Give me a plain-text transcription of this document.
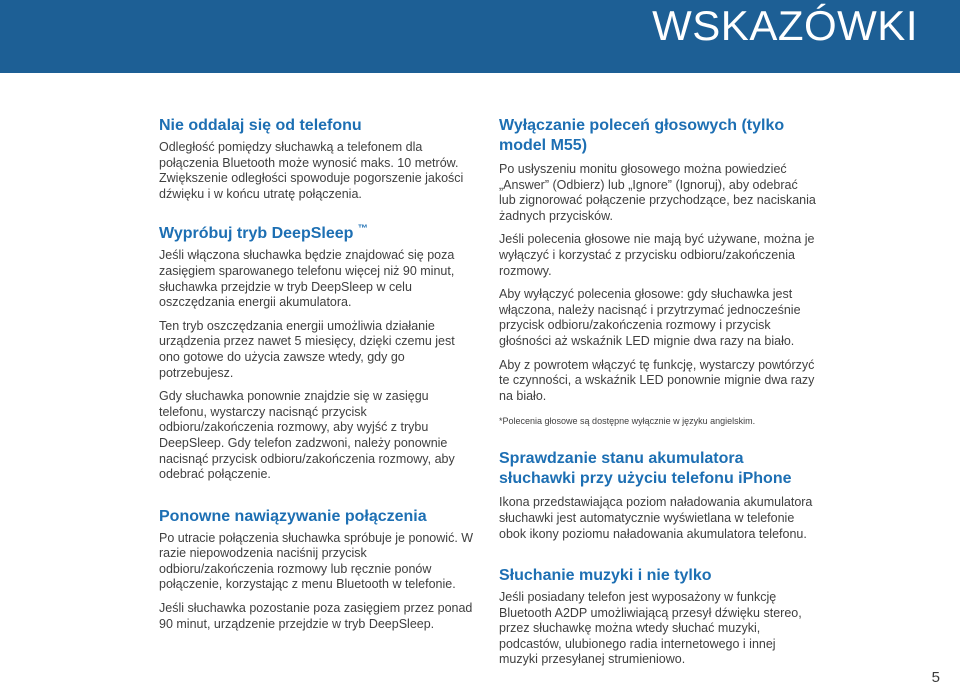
WSKAZÓWKI
Nie oddalaj się od telefonu

Odległość pomiędzy słuchawką a telefonem dla połączenia Bluetooth może wynosić maks. 10 metrów. Zwiększenie odległości spowoduje pogorszenie jakości dźwięku i w końcu utratę połączenia.

Wypróbuj tryb DeepSleep ™

Jeśli włączona słuchawka będzie znajdować się poza zasięgiem sparowanego telefonu więcej niż 90 minut, słuchawka przejdzie w tryb DeepSleep w celu oszczędzania energii akumulatora.

Ten tryb oszczędzania energii umożliwia działanie urządzenia przez nawet 5 miesięcy, dzięki czemu jest ono gotowe do użycia zawsze wtedy, gdy go potrzebujesz.

Gdy słuchawka ponownie znajdzie się w zasięgu telefonu, wystarczy nacisnąć przycisk odbioru/zakończenia rozmowy, aby wyjść z trybu DeepSleep. Gdy telefon zadzwoni, należy ponownie nacisnąć przycisk odbioru/zakończenia rozmowy, aby odebrać połączenie.

Ponowne nawiązywanie połączenia

Po utracie połączenia słuchawka spróbuje je ponowić. W razie niepowodzenia naciśnij przycisk odbioru/zakończenia rozmowy lub ręcznie ponów połączenie, korzystając z menu Bluetooth w telefonie.

Jeśli słuchawka pozostanie poza zasięgiem przez ponad 90 minut, urządzenie przejdzie w tryb DeepSleep.

Wyłączanie poleceń głosowych (tylko model M55)

Po usłyszeniu monitu głosowego można powiedzieć „Answer” (Odbierz) lub „Ignore” (Ignoruj), aby odebrać lub zignorować połączenie przychodzące, bez naciskania żadnych przycisków.

Jeśli polecenia głosowe nie mają być używane, można je wyłączyć i korzystać z przycisku odbioru/zakończenia rozmowy.

Aby wyłączyć polecenia głosowe: gdy słuchawka jest włączona, należy nacisnąć i przytrzymać jednocześnie przycisk odbioru/zakończenia rozmowy i przycisk głośności aż wskaźnik LED mignie dwa razy na biało.

Aby z powrotem włączyć tę funkcję, wystarczy powtórzyć te czynności, a wskaźnik LED ponownie mignie dwa razy na biało.

*Polecenia głosowe są dostępne wyłącznie w języku angielskim.

Sprawdzanie stanu akumulatora słuchawki przy użyciu telefonu iPhone

Ikona przedstawiająca poziom naładowania akumulatora słuchawki jest automatycznie wyświetlana w telefonie obok ikony poziomu naładowania akumulatora telefonu.

Słuchanie muzyki i nie tylko

Jeśli posiadany telefon jest wyposażony w funkcję Bluetooth A2DP umożliwiającą przesył dźwięku stereo, przez słuchawkę można wtedy słuchać muzyki, podcastów, ulubionego radia internetowego i innej muzyki przesyłanej strumieniowo.

5
